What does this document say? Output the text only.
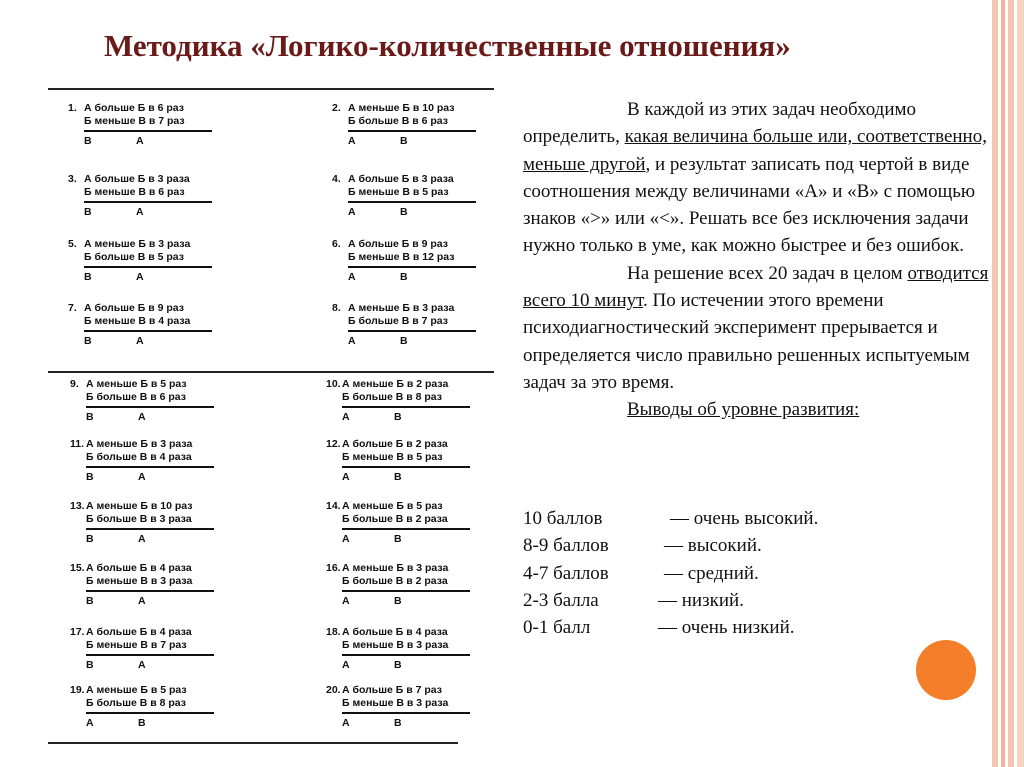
Методика «Логико-количественные отношения»
1. А больше Б в 6 раз
Б меньше В в 7 раз
В	А
2. А меньше Б в 10 раз
Б больше В в 6 раз
А	В
3. А больше Б в 3 раза
Б меньше В в 6 раз
В	А
4. А больше Б в 3 раза
Б меньше В в 5 раз
А	В
5. А меньше Б в 3 раза
Б больше В в 5 раз
В	А
6. А больше Б в 9 раз
Б меньше В в 12 раз
А	В
7. А больше Б в 9 раз
Б меньше В в 4 раза
В	А
8. А меньше Б в 3 раза
Б больше В в 7 раз
А	В
9. А меньше Б в 5 раз
Б больше В в 6 раз
В	А
10.А меньше Б в 2 раза
Б больше В в 8 раз
А	В
11. А меньше Б в 3 раза
Б больше В в 4 раза
В	А
12.А больше Б в 2 раза
Б меньше В в 5 раз
А	В
13.А меньше Б в 10 раз
Б больше В в 3 раза
В	А
14.А меньше Б в 5 раз
Б больше В в 2 раза
А	В
15.А больше Б в 4 раза
Б меньше В в 3 раза
В	А
16.А меньше Б в 3 раза
Б больше В в 2 раза
А	В
17.А больше Б в 4 раза
Б меньше В в 7 раз
В	А
18.А больше Б в 4 раза
Б меньше В в 3 раза
А	В
19.А меньше Б в 5 раз
Б больше В в 8 раз
А	В
20.А больше Б в 7 раз
Б меньше В в 3 раза
А	В

В каждой из этих задач необходимо определить, какая величина больше или, соответственно, меньше другой, и результат записать под чертой в виде соотношения между величинами «А» и «В» с помощью знаков «>» или «<». Решать все без исключения задачи нужно только в уме, как можно быстрее и без ошибок.

На решение всех 20 задач в целом отводится всего 10 минут. По истечении этого времени психодиагностический эксперимент прерывается и определяется число правильно решенных испытуемым задач за это время.

Выводы об уровне развития:

10 баллов	— очень высокий.
8-9 баллов	— высокий.
4-7 баллов	— средний.
2-3 балла	— низкий.
0-1 балл	— очень низкий.
